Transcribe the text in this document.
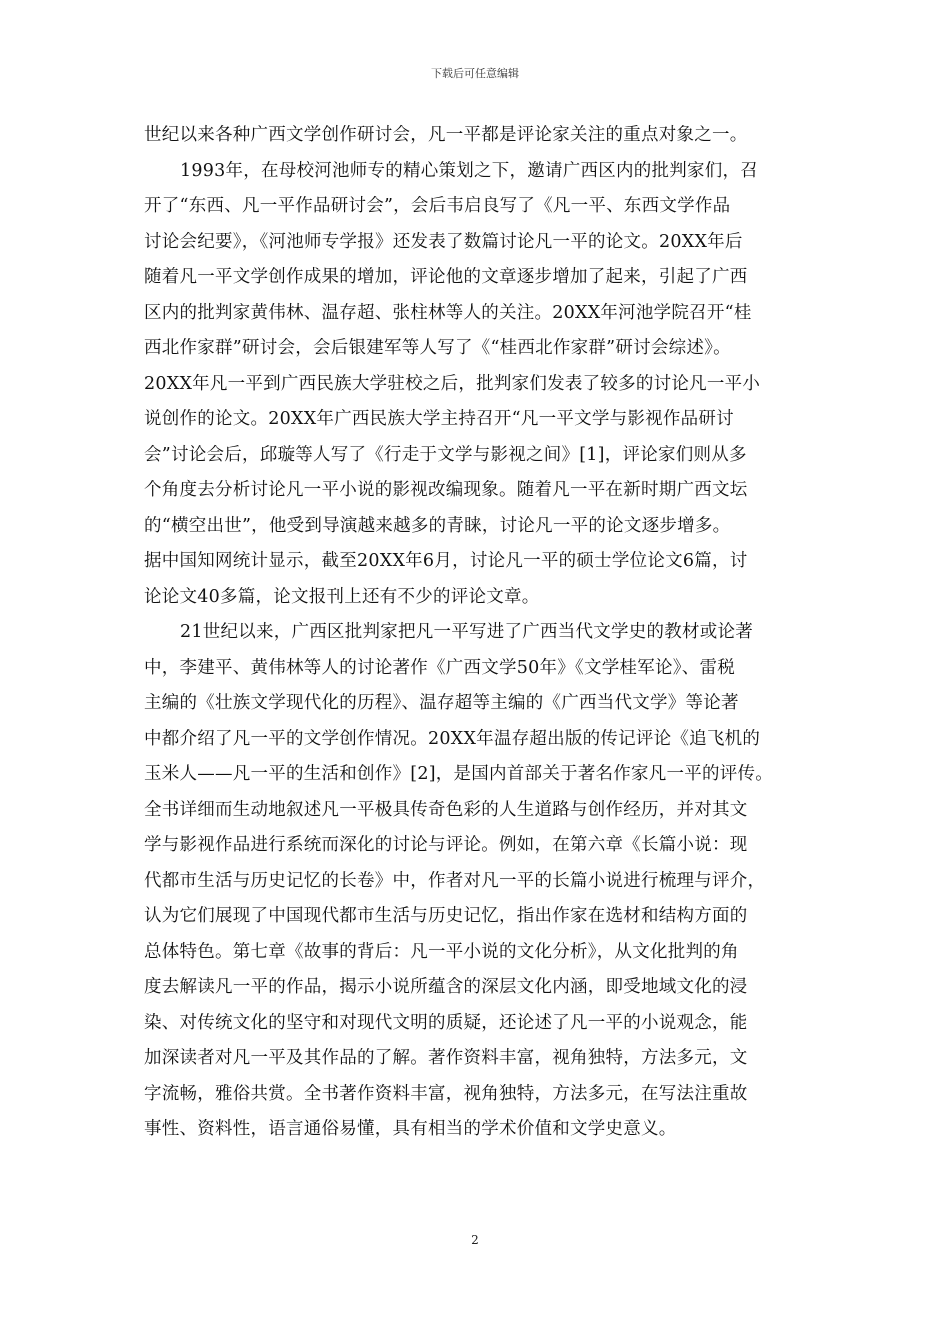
下载后可任意编辑
世纪以来各种广西文学创作研讨会，凡一平都是评论家关注的重点对象之一。
1993年，在母校河池师专的精心策划之下，邀请广西区内的批判家们，召
开了“东西、凡一平作品研讨会”，会后韦启良写了《凡一平、东西文学作品
讨论会纪要》，《河池师专学报》还发表了数篇讨论凡一平的论文。20XX年后
随着凡一平文学创作成果的增加，评论他的文章逐步增加了起来，引起了广西
区内的批判家黄伟林、温存超、张柱林等人的关注。20XX年河池学院召开“桂
西北作家群”研讨会，会后银建军等人写了《“桂西北作家群”研讨会综述》。
20XX年凡一平到广西民族大学驻校之后，批判家们发表了较多的讨论凡一平小
说创作的论文。20XX年广西民族大学主持召开“凡一平文学与影视作品研讨
会”讨论会后，邱璇等人写了《行走于文学与影视之间》[1]，评论家们则从多
个角度去分析讨论凡一平小说的影视改编现象。随着凡一平在新时期广西文坛
的“横空出世”，他受到导演越来越多的青睐，讨论凡一平的论文逐步增多。
据中国知网统计显示，截至20XX年6月，讨论凡一平的硕士学位论文6篇，讨
论论文40多篇，论文报刊上还有不少的评论文章。
21世纪以来，广西区批判家把凡一平写进了广西当代文学史的教材或论著
中，李建平、黄伟林等人的讨论著作《广西文学50年》《文学桂军论》、雷税
主编的《壮族文学现代化的历程》、温存超等主编的《广西当代文学》等论著
中都介绍了凡一平的文学创作情况。20XX年温存超出版的传记评论《追飞机的
玉米人——凡一平的生活和创作》[2]，是国内首部关于著名作家凡一平的评传。
全书详细而生动地叙述凡一平极具传奇色彩的人生道路与创作经历，并对其文
学与影视作品进行系统而深化的讨论与评论。例如，在第六章《长篇小说：现
代都市生活与历史记忆的长卷》中，作者对凡一平的长篇小说进行梳理与评介，
认为它们展现了中国现代都市生活与历史记忆，指出作家在选材和结构方面的
总体特色。第七章《故事的背后：凡一平小说的文化分析》，从文化批判的角
度去解读凡一平的作品，揭示小说所蕴含的深层文化内涵，即受地域文化的浸
染、对传统文化的坚守和对现代文明的质疑，还论述了凡一平的小说观念，能
加深读者对凡一平及其作品的了解。著作资料丰富，视角独特，方法多元，文
字流畅，雅俗共赏。全书著作资料丰富，视角独特，方法多元，在写法注重故
事性、资料性，语言通俗易懂，具有相当的学术价值和文学史意义。
2
